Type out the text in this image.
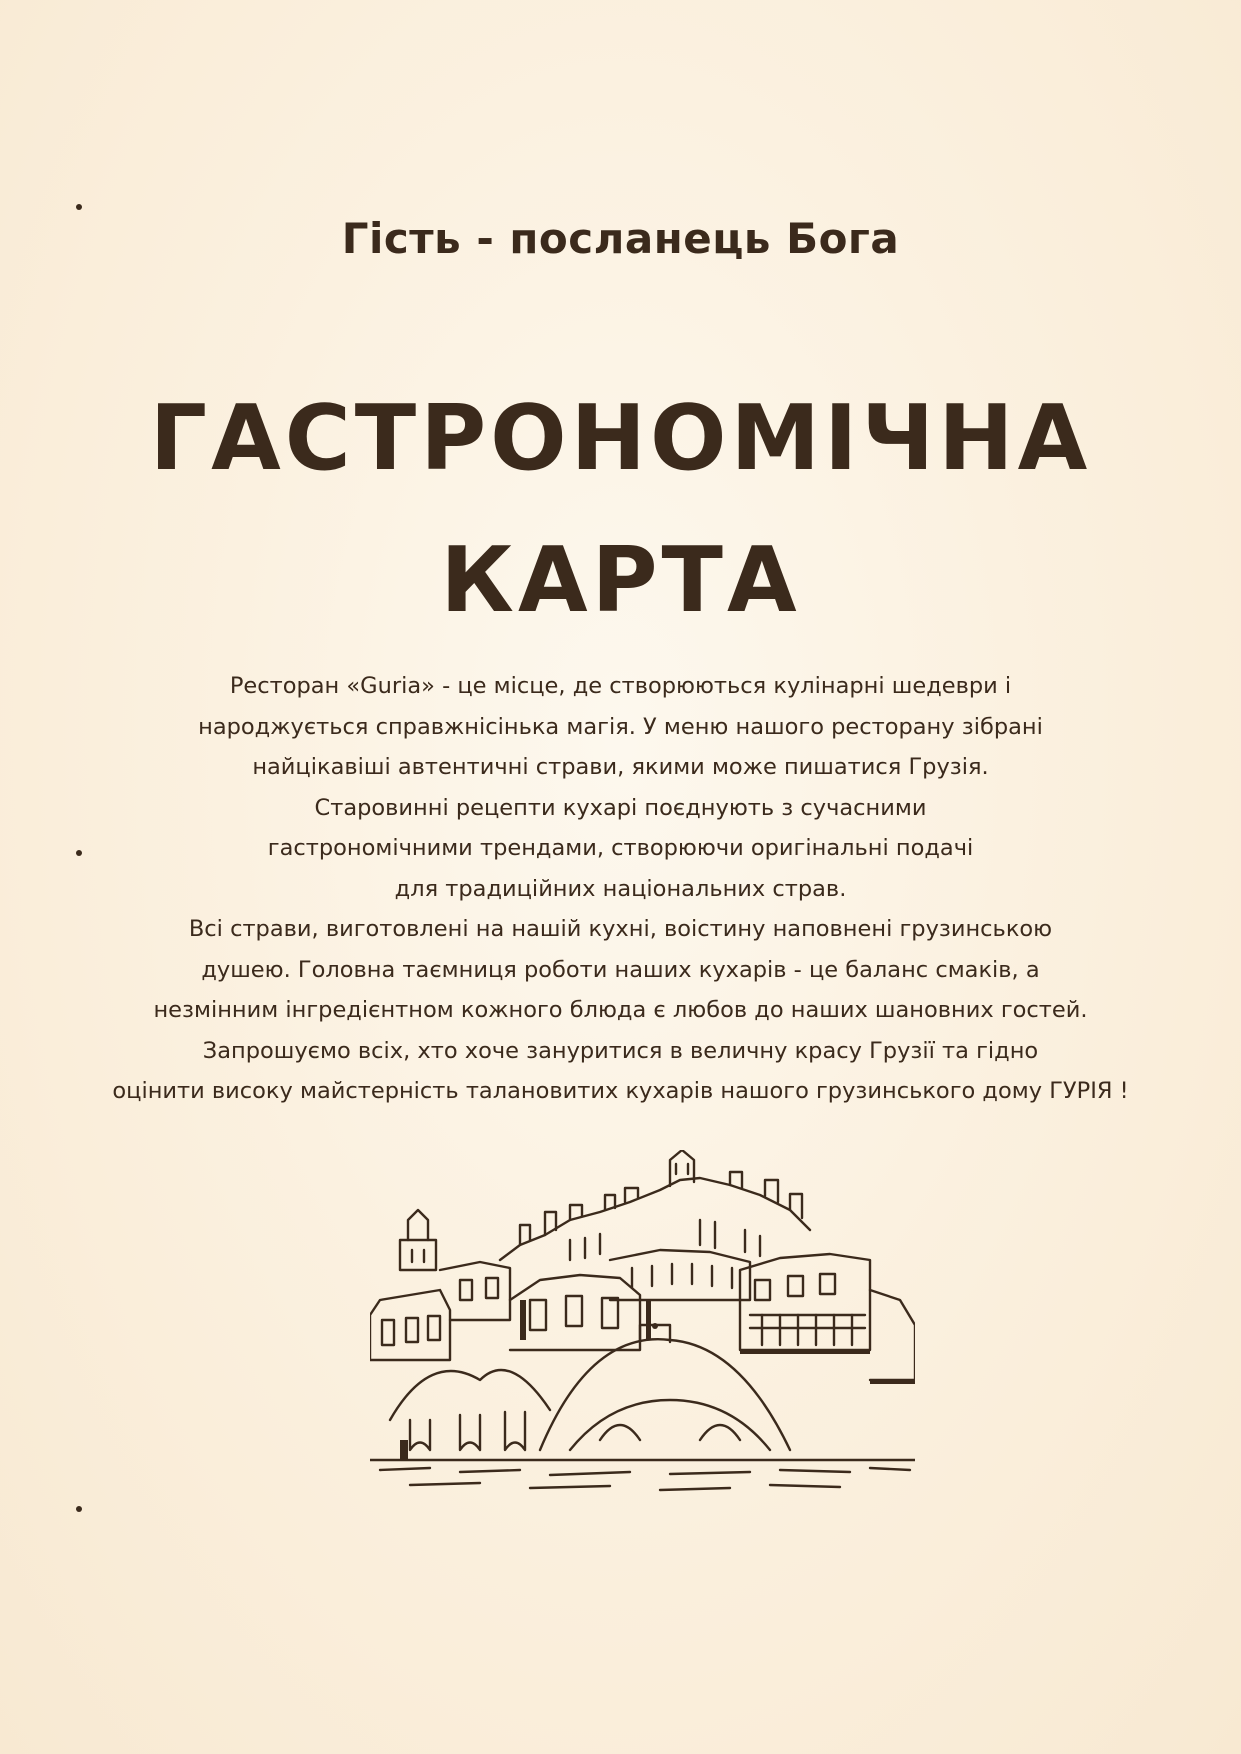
Гість - посланець Бога
ГАСТРОНОМІЧНА
КАРТА
Ресторан «Guria» - це місце, де створюються кулінарні шедеври і
народжується справжнісінька магія. У меню нашого ресторану зібрані
найцікавіші автентичні страви, якими може пишатися Грузія.
Старовинні рецепти кухарі поєднують з сучасними
гастрономічними трендами, створюючи оригінальні подачі
для традиційних національних страв.
Всі страви, виготовлені на нашій кухні, воістину наповнені грузинською
душею. Головна таємниця роботи наших кухарів - це баланс смаків, а
незмінним інгредієнтном кожного блюда є любов до наших шановних гостей.
Запрошуємо всіх, хто хоче зануритися в величну красу Грузії та гідно
оцінити високу майстерність талановитих кухарів нашого грузинського дому ГУРІЯ !
